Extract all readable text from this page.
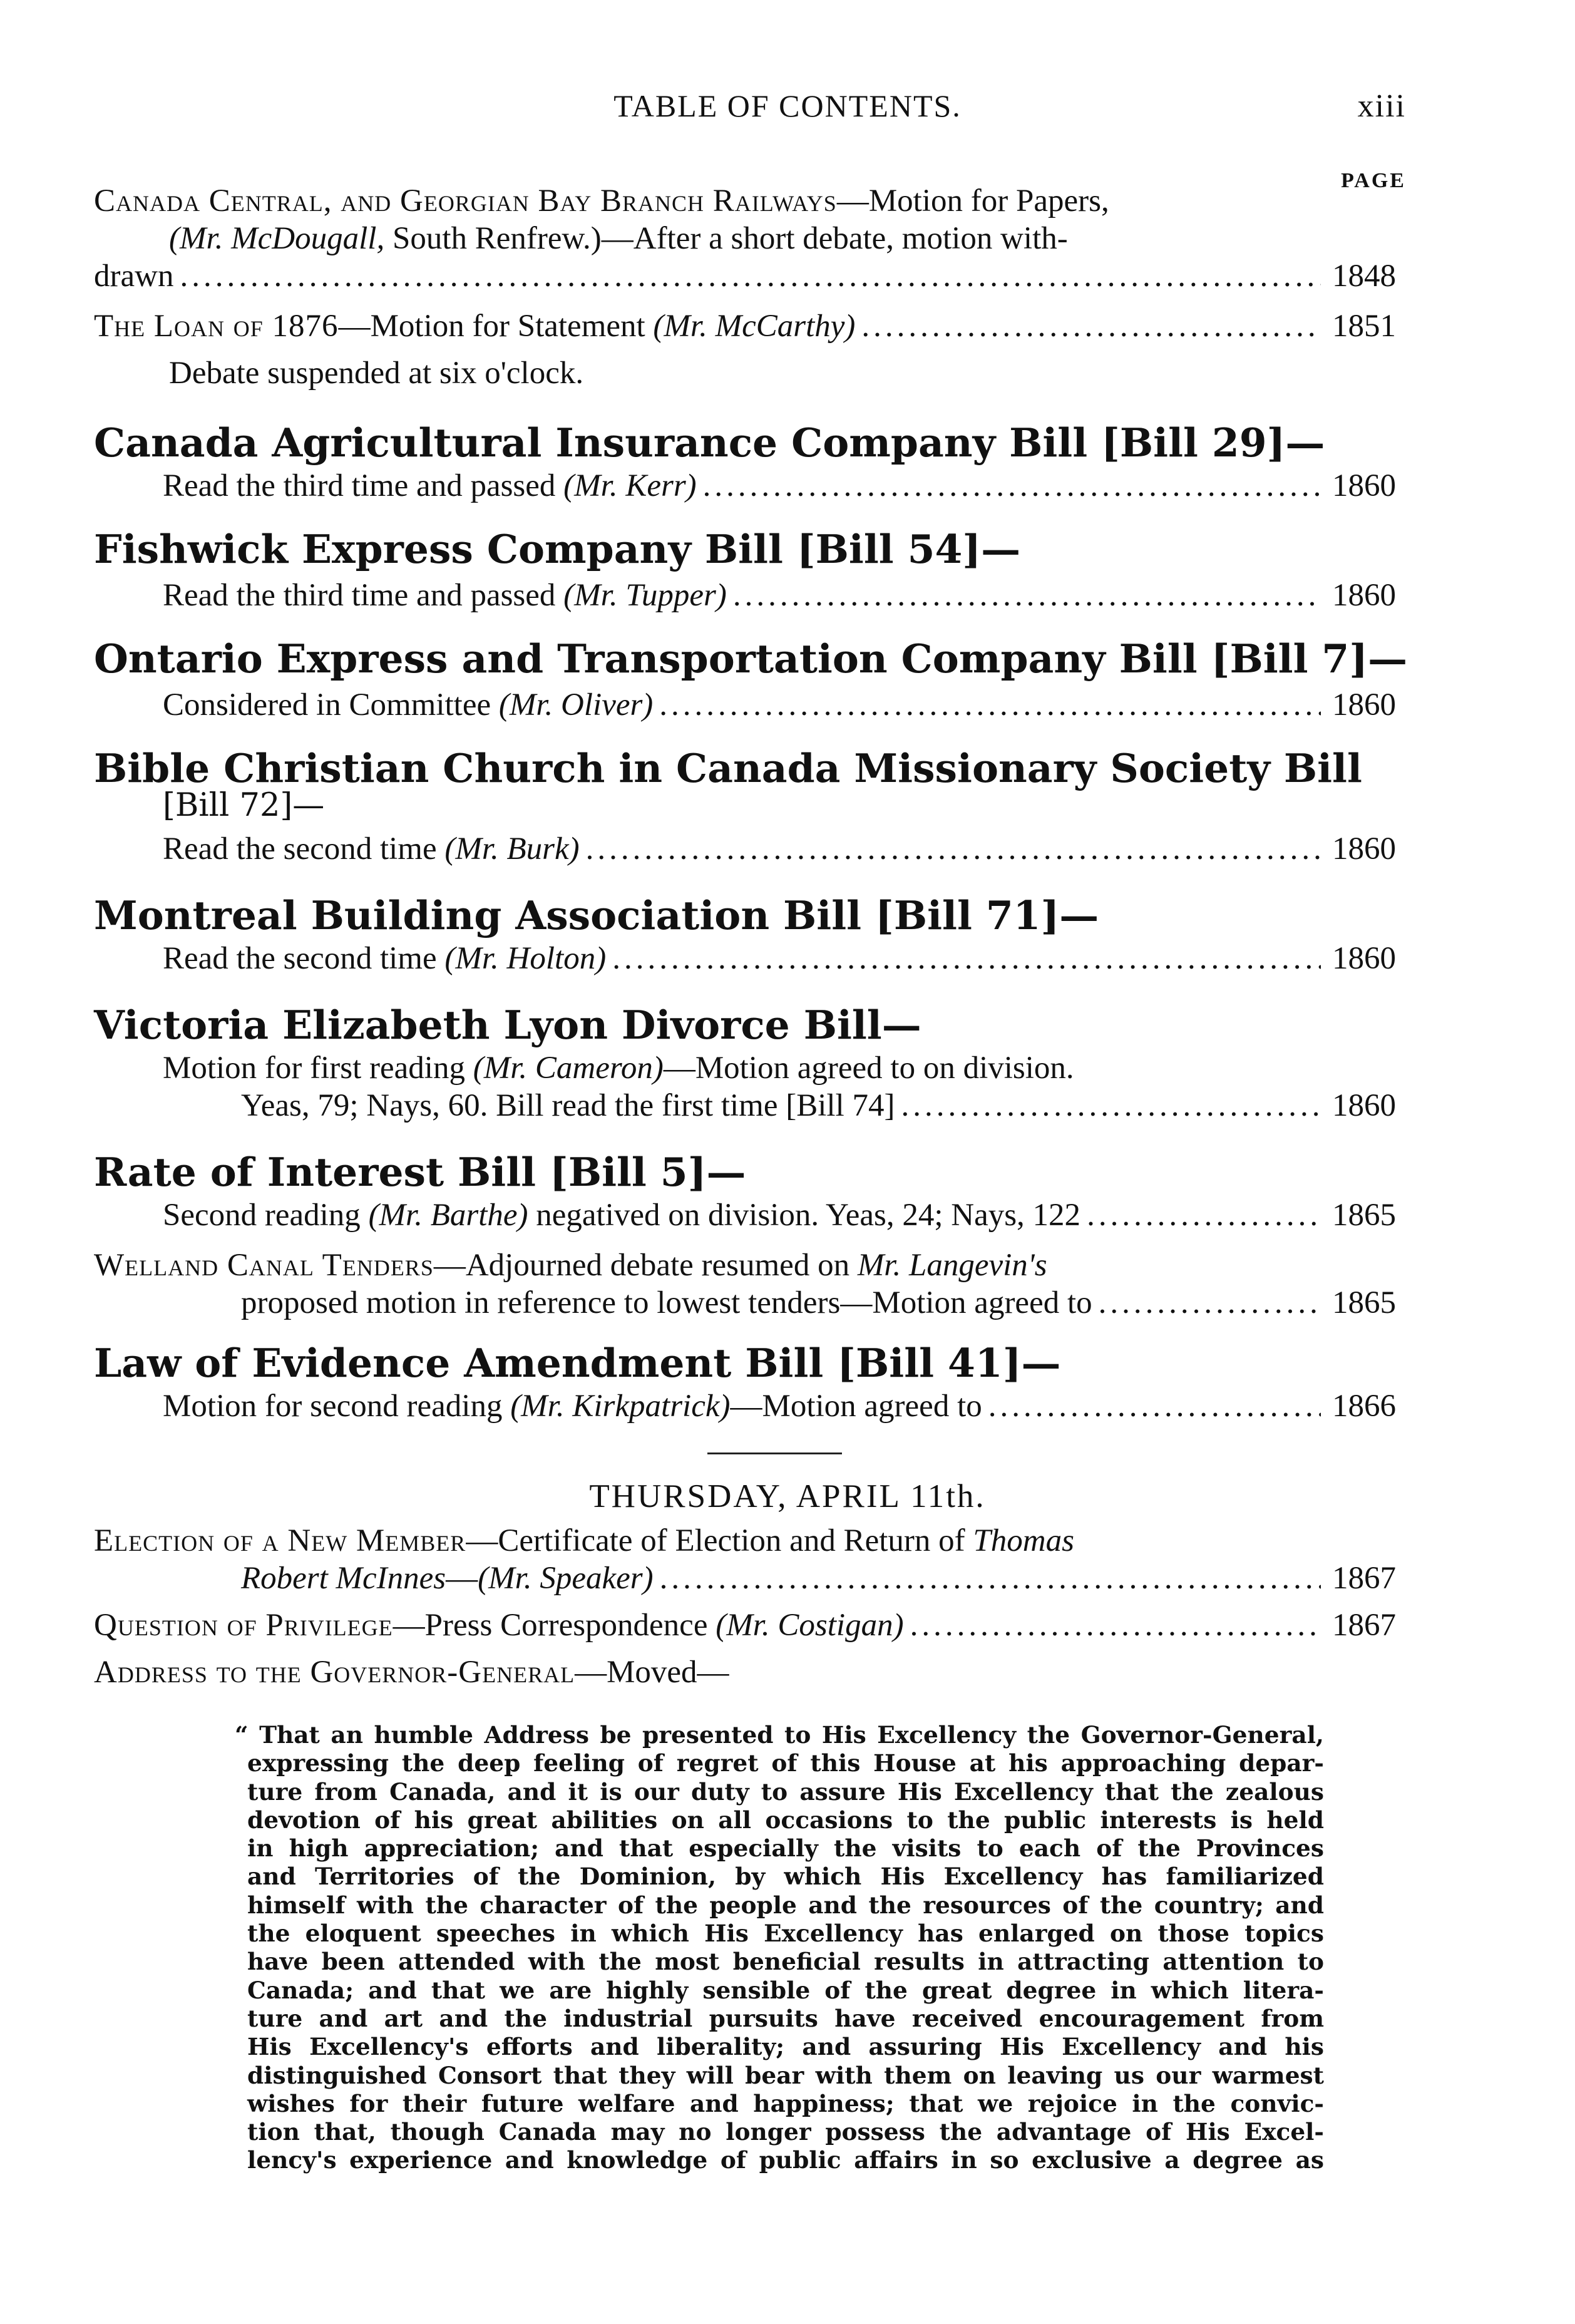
TABLE OF CONTENTS.	xiii
PAGE
Canada Central, and Georgian Bay Branch Railways—Motion for Papers,
(Mr. McDougall, South Renfrew.)—After a short debate, motion with-
drawn .....	1848
The Loan of 1876—Motion for Statement (Mr. McCarthy) .....	1851
Debate suspended at six o'clock.
Canada Agricultural Insurance Company Bill [Bill 29]—
Read the third time and passed (Mr. Kerr) .....	1860
Fishwick Express Company Bill [Bill 54]—
Read the third time and passed (Mr. Tupper) .....	1860
Ontario Express and Transportation Company Bill [Bill 7]—
Considered in Committee (Mr. Oliver) .....	1860
Bible Christian Church in Canada Missionary Society Bill
[Bill 72]—
Read the second time (Mr. Burk) .....	1860
Montreal Building Association Bill [Bill 71]—
Read the second time (Mr. Holton) .....	1860
Victoria Elizabeth Lyon Divorce Bill—
Motion for first reading (Mr. Cameron)—Motion agreed to on division.
Yeas, 79; Nays, 60. Bill read the first time [Bill 74] .....	1860
Rate of Interest Bill [Bill 5]—
Second reading (Mr. Barthe) negatived on division. Yeas, 24; Nays, 122 .....	1865
Welland Canal Tenders—Adjourned debate resumed on Mr. Langevin's
proposed motion in reference to lowest tenders—Motion agreed to .....	1865
Law of Evidence Amendment Bill [Bill 41]—
Motion for second reading (Mr. Kirkpatrick)—Motion agreed to .....	1866
Election of a New Member—Certificate of Election and Return of Thomas
Robert McInnes—(Mr. Speaker) .....	1867
Question of Privilege—Press Correspondence (Mr. Costigan) .....	1867
Address to the Governor-General—Moved—
THURSDAY, APRIL 11th.
“ That an humble Address be presented to His Excellency the Governor-General,
expressing the deep feeling of regret of this House at his approaching depar-
ture from Canada, and it is our duty to assure His Excellency that the zealous
devotion of his great abilities on all occasions to the public interests is held
in high appreciation; and that especially the visits to each of the Provinces
and Territories of the Dominion, by which His Excellency has familiarized
himself with the character of the people and the resources of the country; and
the eloquent speeches in which His Excellency has enlarged on those topics
have been attended with the most beneficial results in attracting attention to
Canada; and that we are highly sensible of the great degree in which litera-
ture and art and the industrial pursuits have received encouragement from
His Excellency's efforts and liberality; and assuring His Excellency and his
distinguished Consort that they will bear with them on leaving us our warmest
wishes for their future welfare and happiness; that we rejoice in the convic-
tion that, though Canada may no longer possess the advantage of His Excel-
lency's experience and knowledge of public affairs in so exclusive a degree as
